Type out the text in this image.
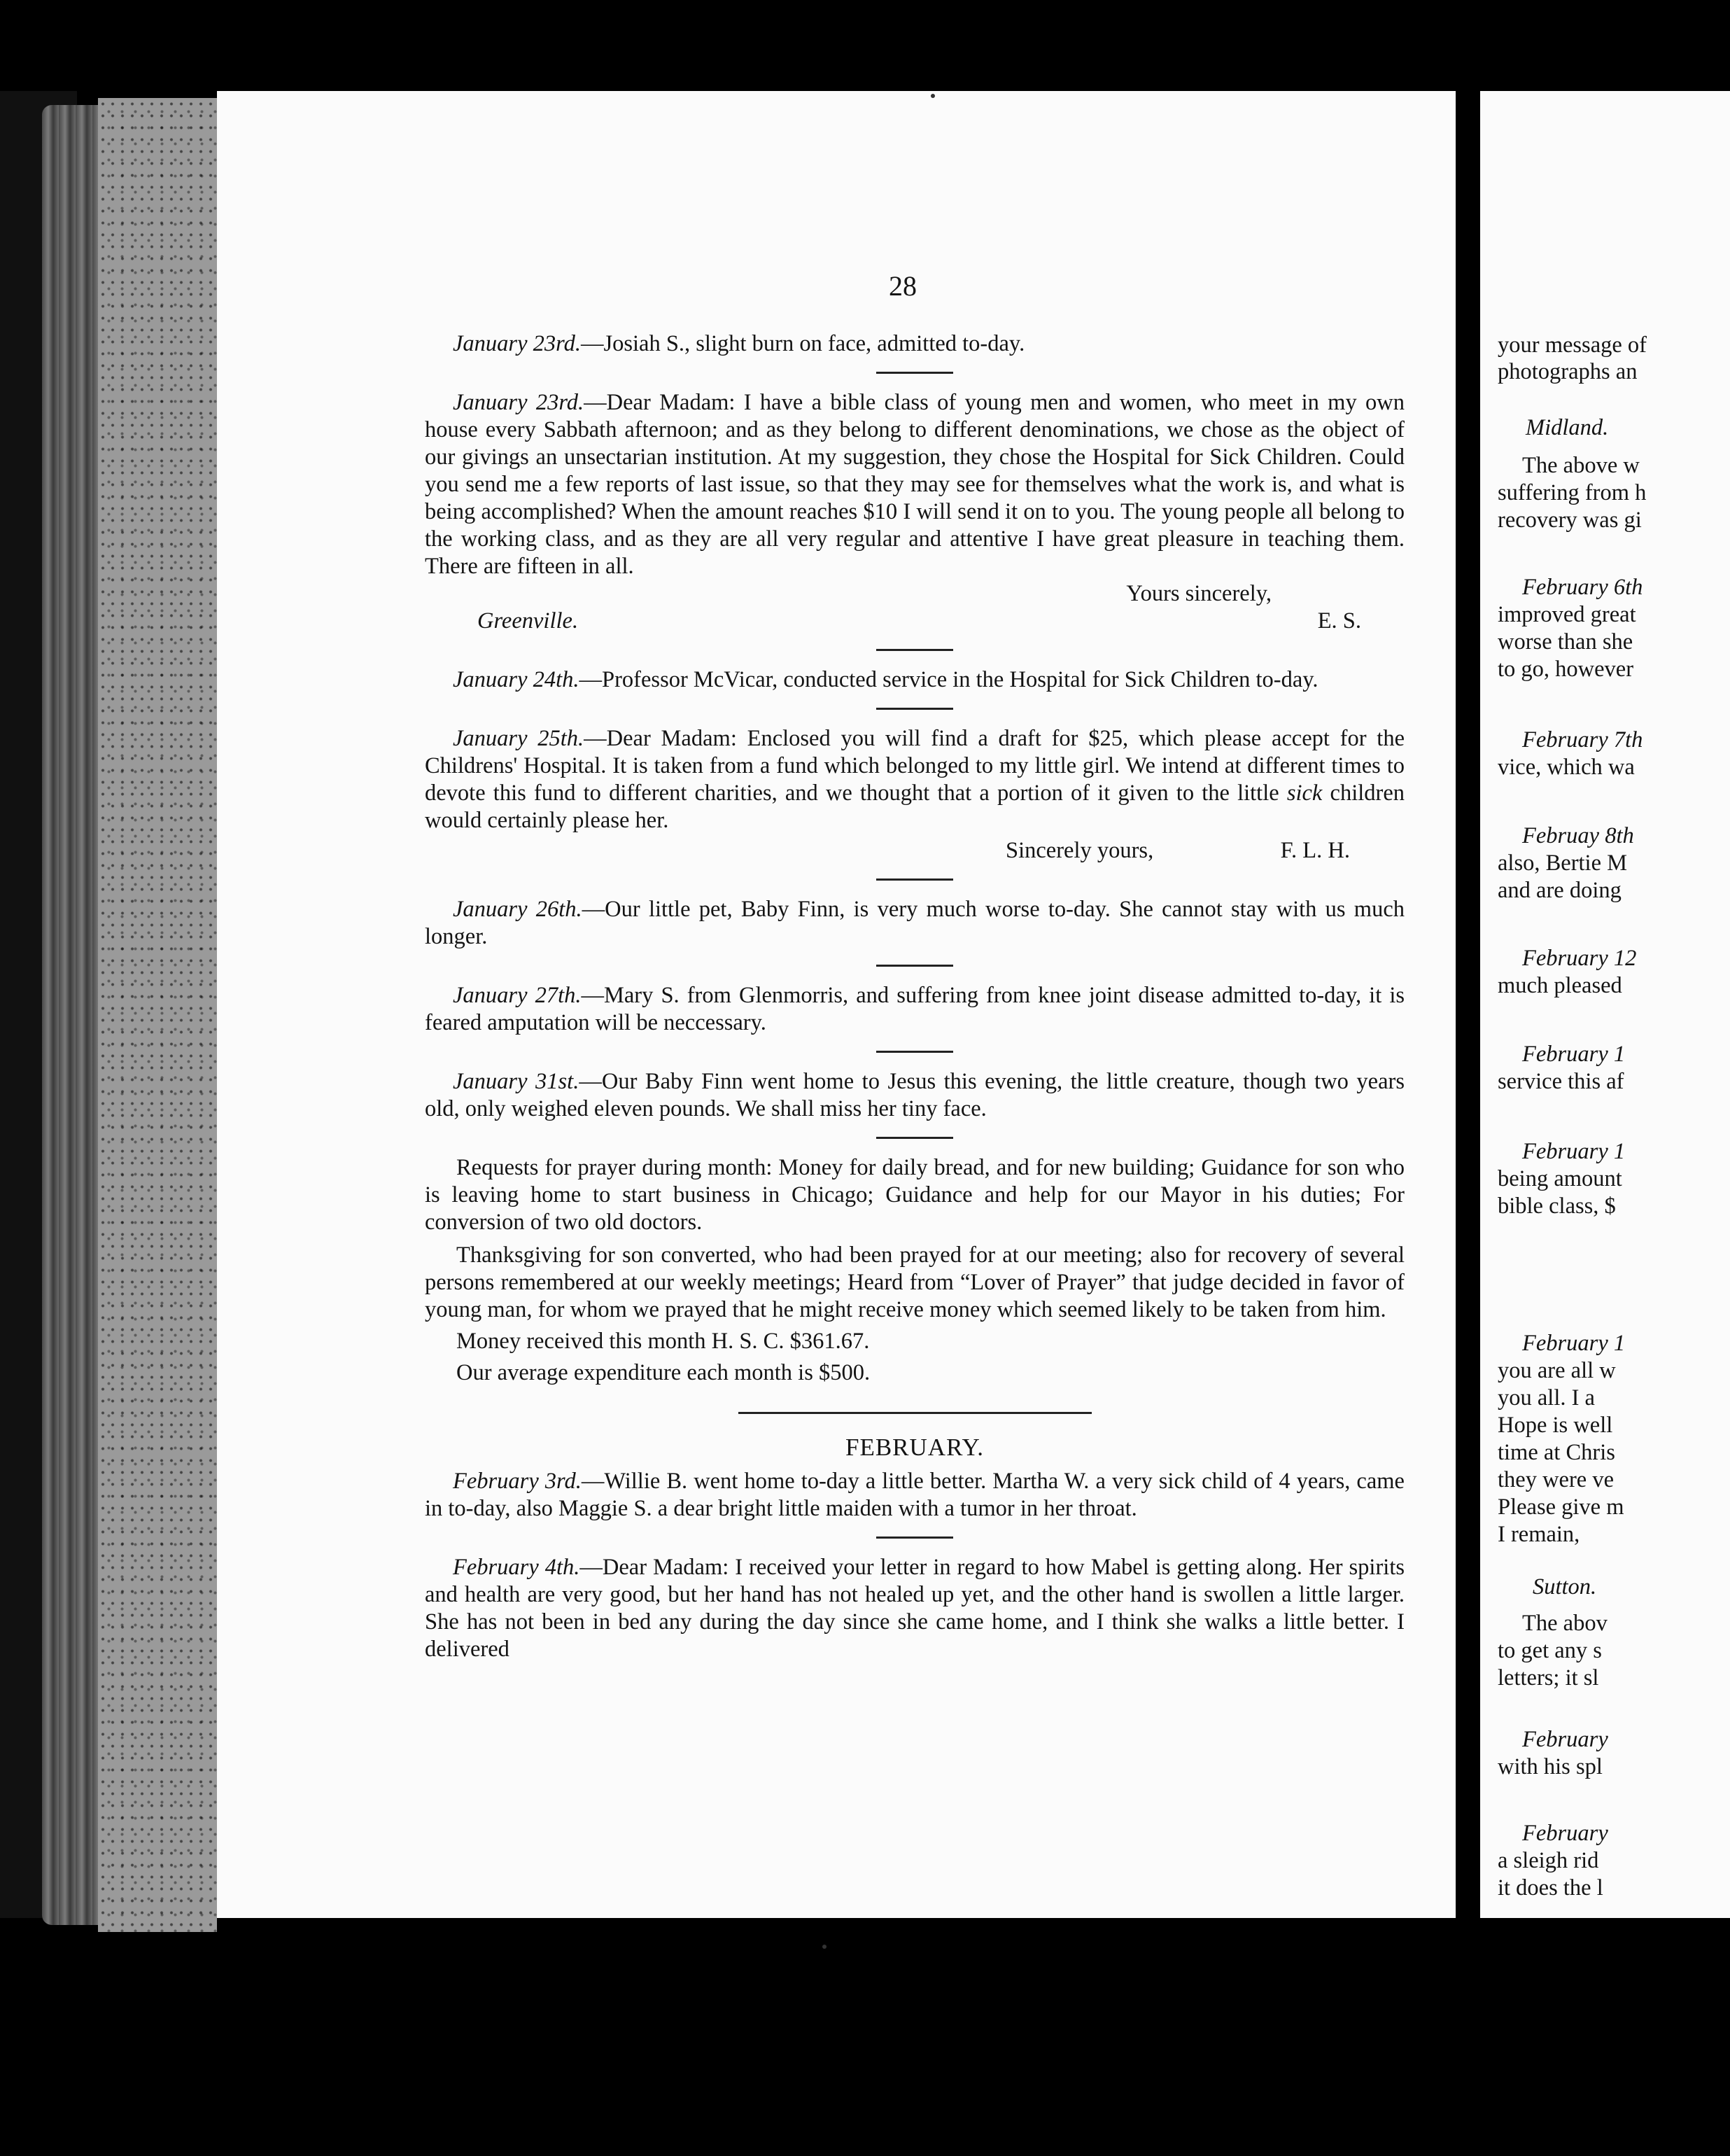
28

January 23rd.—Josiah S., slight burn on face, admitted to-day.

January 23rd.—Dear Madam: I have a bible class of young men and women, who meet in my own house every Sabbath afternoon; and as they belong to different denominations, we chose as the object of our givings an unsectarian institution. At my suggestion, they chose the Hospital for Sick Children. Could you send me a few reports of last issue, so that they may see for themselves what the work is, and what is being accomplished? When the amount reaches $10 I will send it on to you. The young people all belong to the working class, and as they are all very regular and attentive I have great pleasure in teaching them. There are fifteen in all.

Yours sincerely,
Greenville.	E. S.

January 24th.—Professor McVicar, conducted service in the Hospital for Sick Children to-day.

January 25th.—Dear Madam: Enclosed you will find a draft for $25, which please accept for the Childrens' Hospital. It is taken from a fund which belonged to my little girl. We intend at different times to devote this fund to different charities, and we thought that a portion of it given to the little sick children would certainly please her.

Sincerely yours,	F. L. H.

January 26th.—Our little pet, Baby Finn, is very much worse to-day. She cannot stay with us much longer.

January 27th.—Mary S. from Glenmorris, and suffering from knee joint disease admitted to-day, it is feared amputation will be neccessary.

January 31st.—Our Baby Finn went home to Jesus this evening, the little creature, though two years old, only weighed eleven pounds. We shall miss her tiny face.

Requests for prayer during month: Money for daily bread, and for new building; Guidance for son who is leaving home to start business in Chicago; Guidance and help for our Mayor in his duties; For conversion of two old doctors.

Thanksgiving for son converted, who had been prayed for at our meeting; also for recovery of several persons remembered at our weekly meetings; Heard from “Lover of Prayer” that judge decided in favor of young man, for whom we prayed that he might receive money which seemed likely to be taken from him.

Money received this month H. S. C. $361.67.

Our average expenditure each month is $500.

FEBRUARY.

February 3rd.—Willie B. went home to-day a little better. Martha W. a very sick child of 4 years, came in to-day, also Maggie S. a dear bright little maiden with a tumor in her throat.

February 4th.—Dear Madam: I received your letter in regard to how Mabel is getting along. Her spirits and health are very good, but her hand has not healed up yet, and the other hand is swollen a little larger. She has not been in bed any during the day since she came home, and I think she walks a little better. I delivered

your message of
photographs an
Midland.
The above w
suffering from h
recovery was gi
February 6th
improved great
worse than she
to go, however
February 7th
vice, which wa
Februay 8th
also, Bertie M
and are doing
February 12
much pleased
February 1
service this af
February 1
being amount
bible class, $
February 1
you are all w
you all. I a
Hope is well
time at Chris
they were ve
Please give m
I remain,
Sutton.
The abov
to get any s
letters; it sl
February
with his spl
February
a sleigh rid
it does the l
